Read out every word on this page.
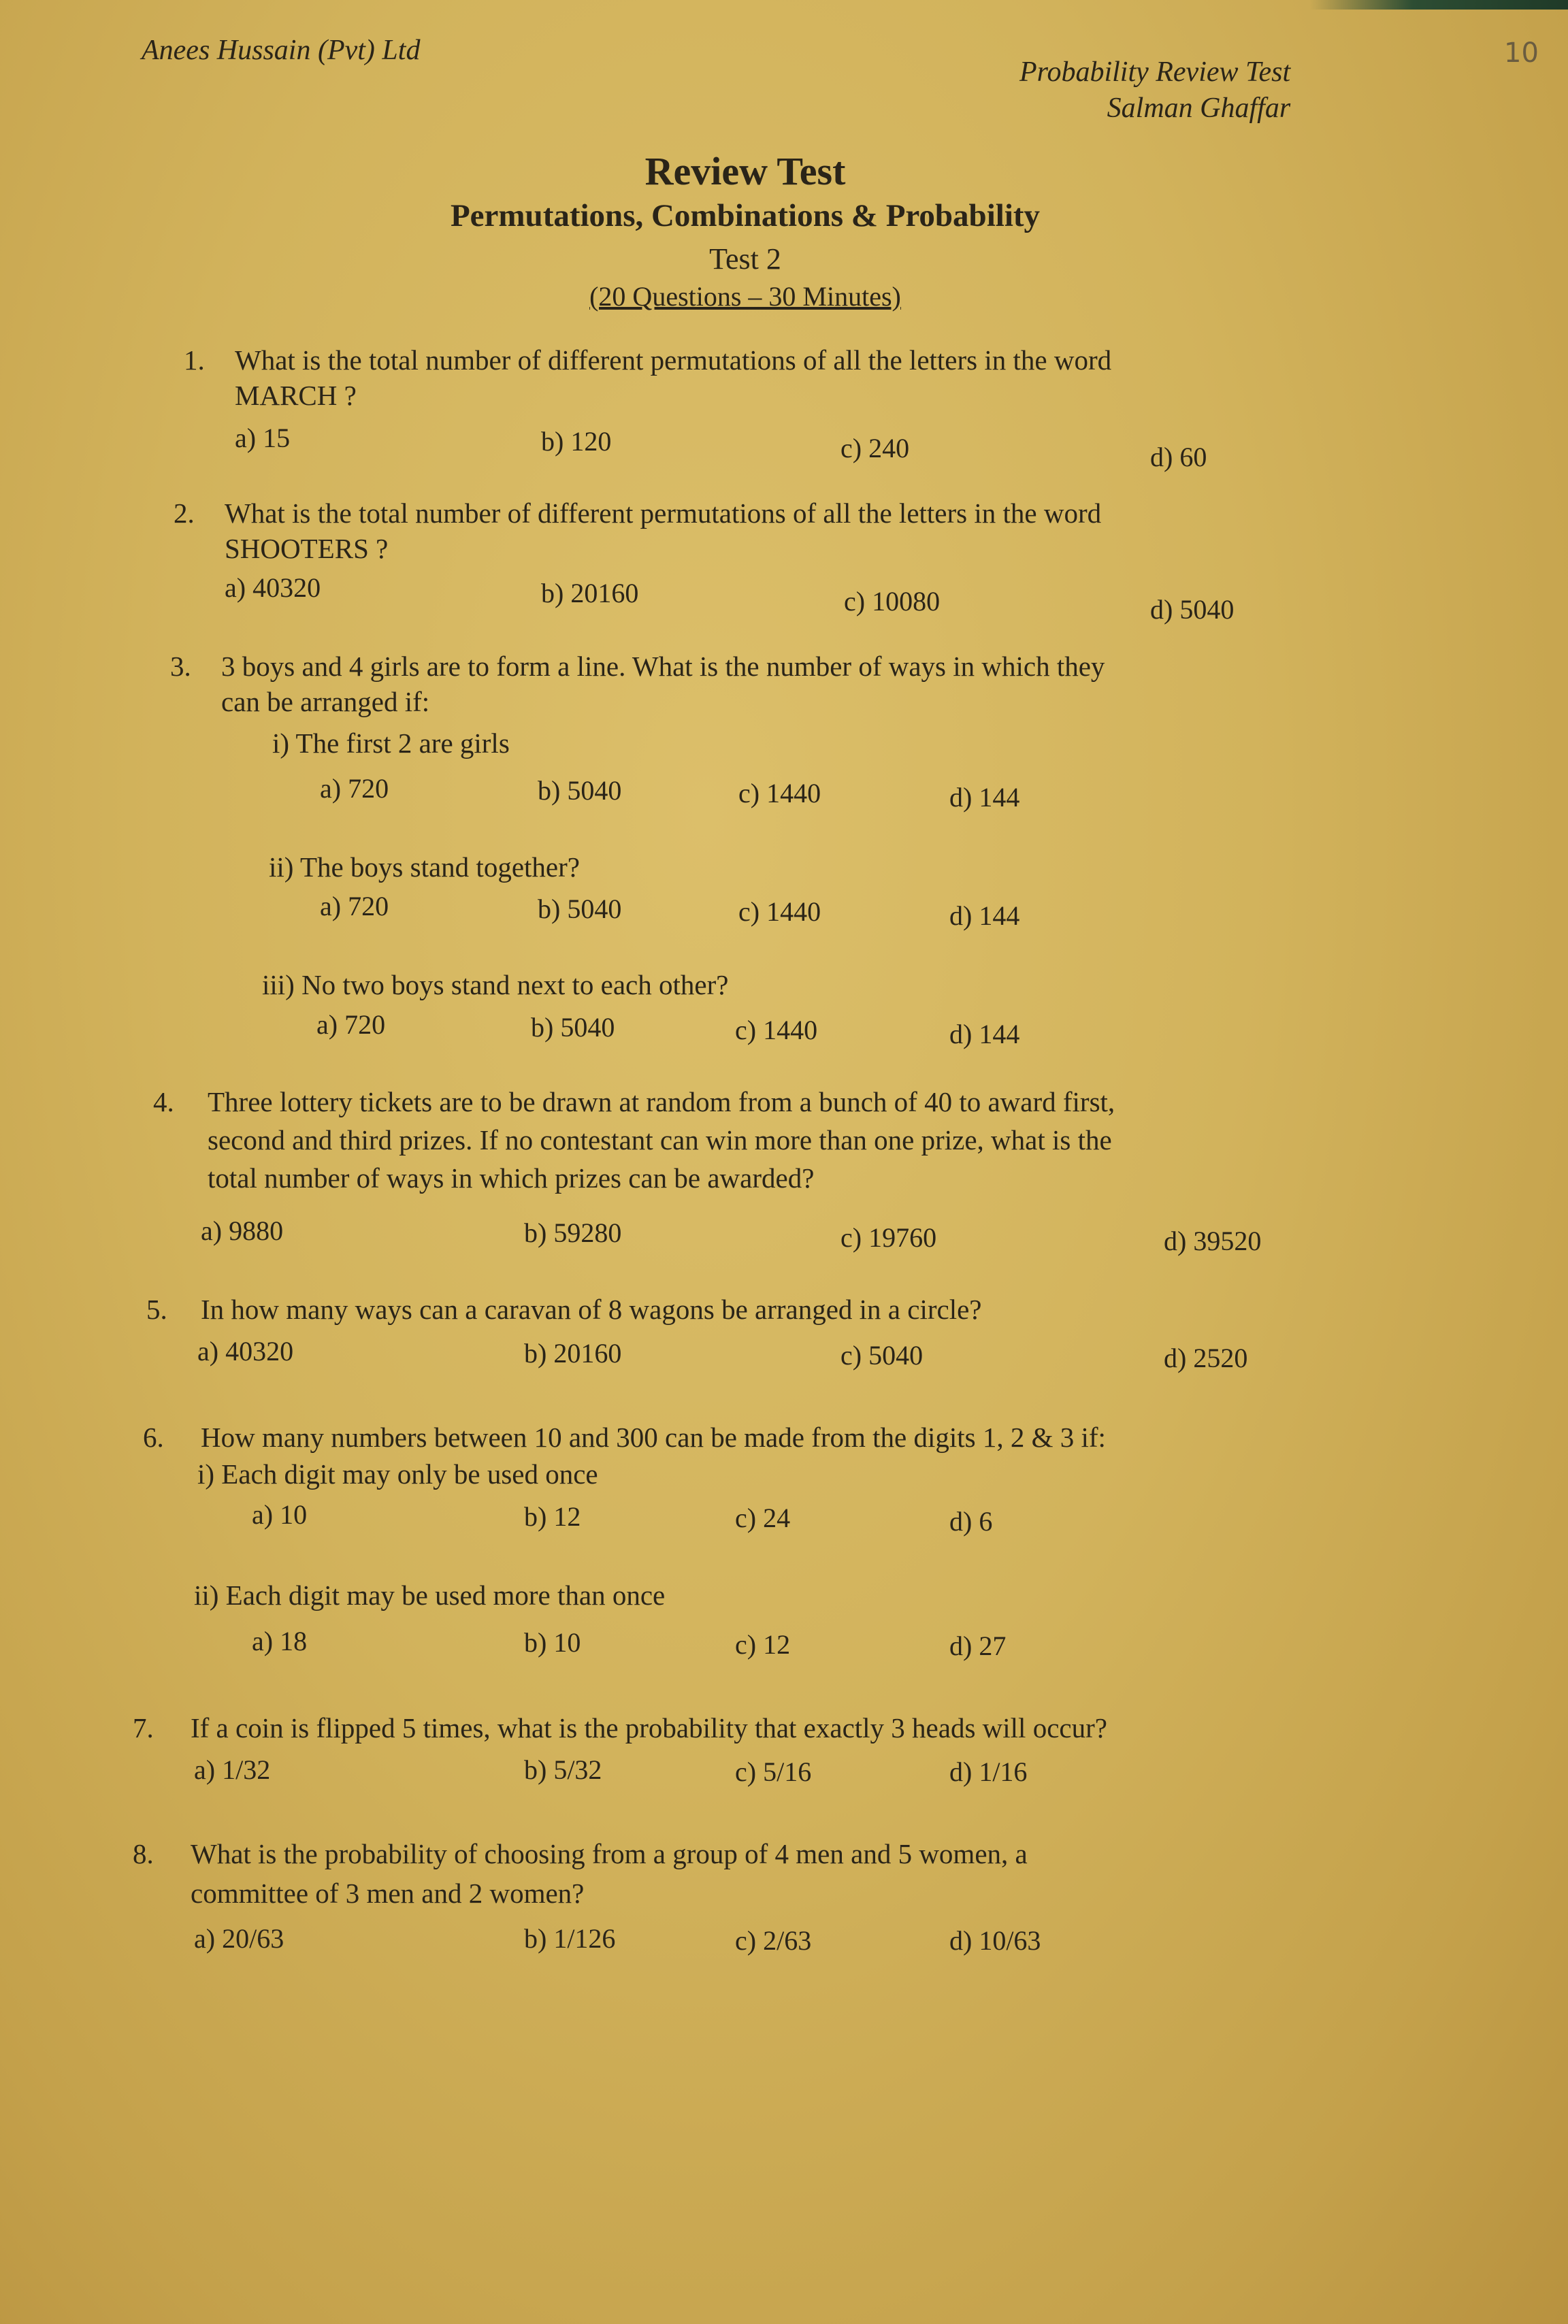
Anees Hussain (Pvt) Ltd
Probability Review Test
Salman Ghaffar
10
Review Test
Permutations, Combinations & Probability
Test 2
(20 Questions – 30 Minutes)
1. What is the total number of different permutations of all the letters in the word
MARCH ?
a) 15	b) 120	c) 240	d) 60
2. What is the total number of different permutations of all the letters in the word
SHOOTERS ?
a) 40320	b) 20160	c) 10080	d) 5040
3. 3 boys and 4 girls are to form a line. What is the number of ways in which they
can be arranged if:
i) The first 2 are girls
a) 720	b) 5040	c) 1440	d) 144
ii) The boys stand together?
a) 720	b) 5040	c) 1440	d) 144
iii) No two boys stand next to each other?
a) 720	b) 5040	c) 1440	d) 144
4. Three lottery tickets are to be drawn at random from a bunch of 40 to award first,
second and third prizes. If no contestant can win more than one prize, what is the
total number of ways in which prizes can be awarded?
a) 9880	b) 59280	c) 19760	d) 39520
5. In how many ways can a caravan of 8 wagons be arranged in a circle?
a) 40320	b) 20160	c) 5040	d) 2520
6. How many numbers between 10 and 300 can be made from the digits 1, 2 & 3 if:
i) Each digit may only be used once
a) 10	b) 12	c) 24	d) 6
ii) Each digit may be used more than once
a) 18	b) 10	c) 12	d) 27
7. If a coin is flipped 5 times, what is the probability that exactly 3 heads will occur?
a) 1/32	b) 5/32	c) 5/16	d) 1/16
8. What is the probability of choosing from a group of 4 men and 5 women, a
committee of 3 men and 2 women?
a) 20/63	b) 1/126	c) 2/63	d) 10/63
